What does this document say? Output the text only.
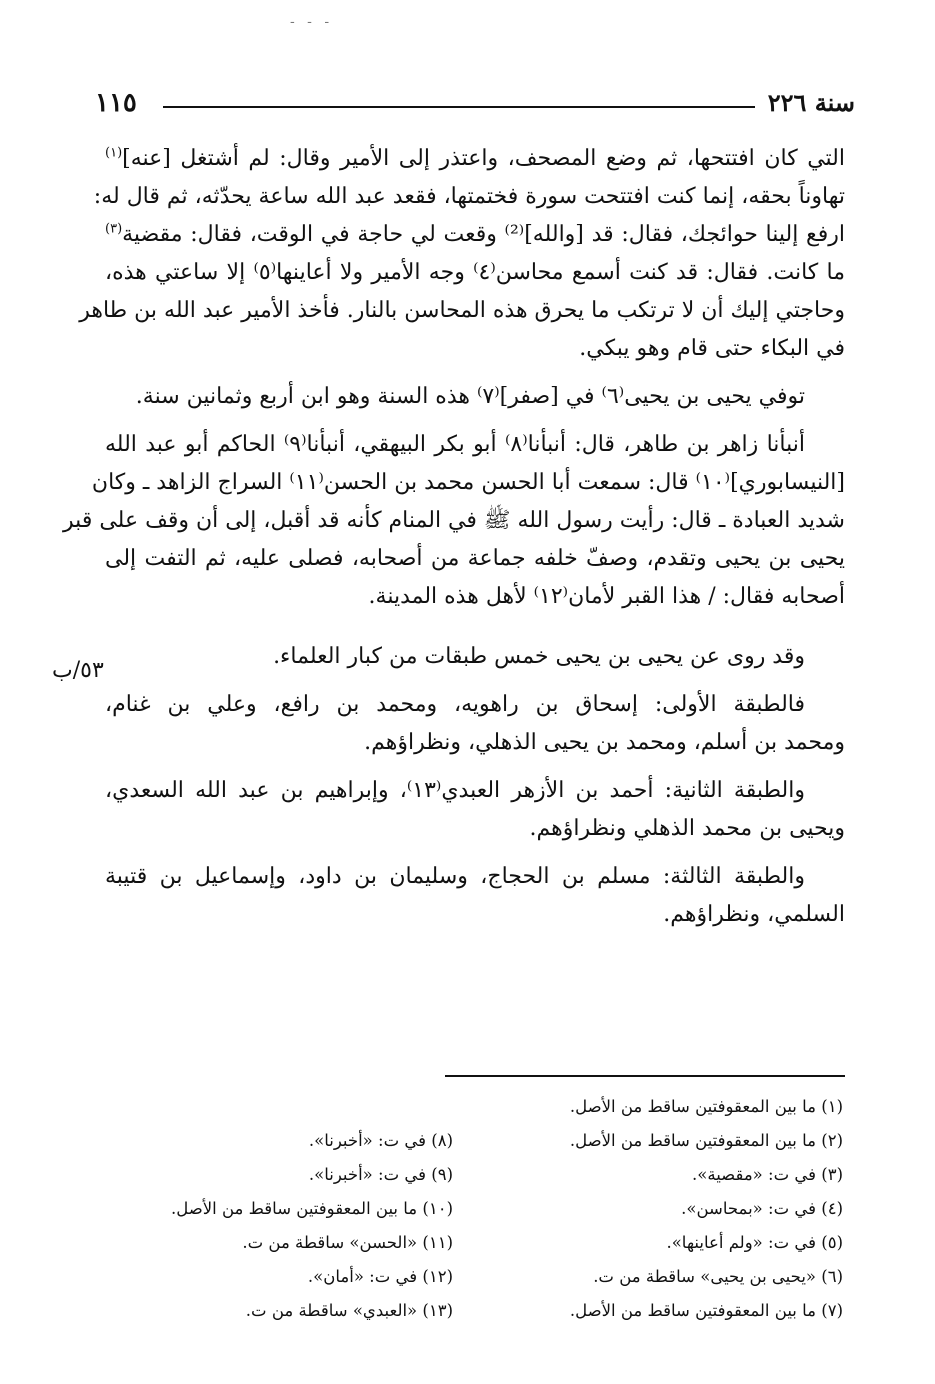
- - -
١١٥	سنة ٢٢٦
٥٣/ب
التي كان افتتحها، ثم وضع المصحف، واعتذر إلى الأمير وقال: لم أشتغل [عنه]$^{(١)}$
تهاوناً بحقه، إنما كنت افتتحت سورة فختمتها، فقعد عبد الله ساعة يحدّثه، ثم قال له:
ارفع إلينا حوائجك، فقال: قد [والله]⁽²⁾ وقعت لي حاجة في الوقت، فقال: مقضية$^{(٣)}$
ما كانت. فقال: قد كنت أسمع محاسن⁽٤⁾ وجه الأمير ولا أعاينها⁽٥⁾ إلا ساعتي هذه،
وحاجتي إليك أن لا ترتكب ما يحرق هذه المحاسن بالنار. فأخذ الأمير عبد الله بن طاهر
في البكاء حتى قام وهو يبكي.
توفي يحيى بن يحيى⁽٦⁾ في [صفر]⁽٧⁾ هذه السنة وهو ابن أربع وثمانين سنة.
أنبأنا زاهر بن طاهر، قال: أنبأنا⁽٨⁾ أبو بكر البيهقي، أنبأنا⁽٩⁾ الحاكم أبو عبد الله
[النيسابوري]⁽١٠⁾ قال: سمعت أبا الحسن محمد بن الحسن⁽١١⁾ السراج الزاهد ـ وكان
شديد العبادة ـ قال: رأيت رسول الله ﷺ في المنام كأنه قد أقبل، إلى أن وقف على قبر
يحيى بن يحيى وتقدم، وصفّ خلفه جماعة من أصحابه، فصلى عليه، ثم التفت إلى
أصحابه فقال: / هذا القبر لأمان⁽١٢⁾ لأهل هذه المدينة.
وقد روى عن يحيى بن يحيى خمس طبقات من كبار العلماء.
فالطبقة الأولى: إسحاق بن راهويه، ومحمد بن رافع، وعلي بن غنام،
ومحمد بن أسلم، ومحمد بن يحيى الذهلي، ونظراؤهم.
والطبقة الثانية: أحمد بن الأزهر العبدي⁽١٣⁾، وإبراهيم بن عبد الله السعدي،
ويحيى بن محمد الذهلي ونظراؤهم.
والطبقة الثالثة: مسلم بن الحجاج، وسليمان بن داود، وإسماعيل بن قتيبة
السلمي، ونظراؤهم.
(١) ما بين المعقوفتين ساقط من الأصل.
(٢) ما بين المعقوفتين ساقط من الأصل.
(٣) في ت: «مقصية».
(٤) في ت: «بمحاسن».
(٥) في ت: «ولم أعاينها».
(٦) «يحيى بن يحيى» ساقطة من ت.
(٧) ما بين المعقوفتين ساقط من الأصل.
(٨) في ت: «أخبرنا».
(٩) في ت: «أخبرنا».
(١٠) ما بين المعقوفتين ساقط من الأصل.
(١١) «الحسن» ساقطة من ت.
(١٢) في ت: «أمان».
(١٣) «العبدي» ساقطة من ت.
